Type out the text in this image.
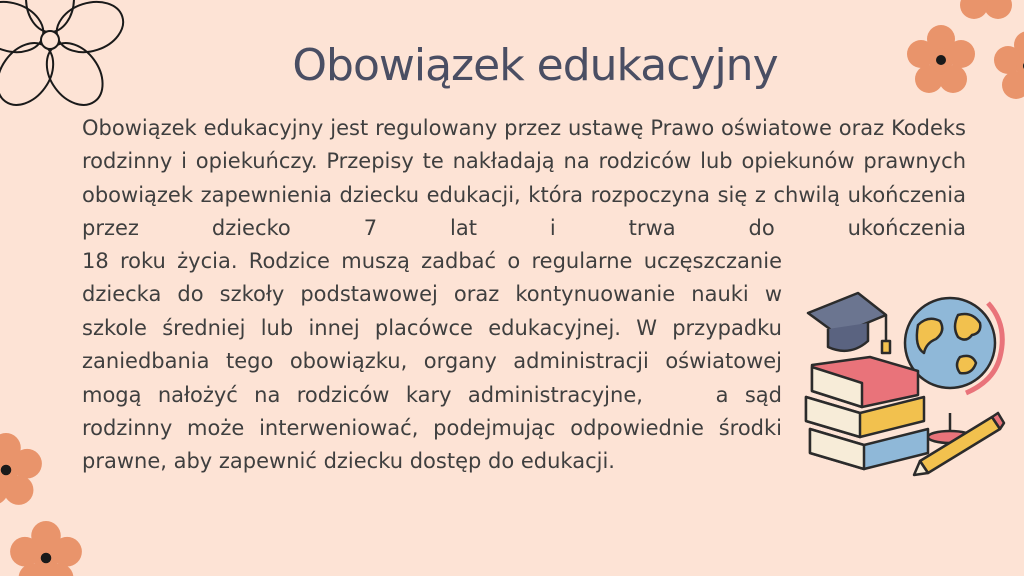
Obowiązek edukacyjny

Obowiązek edukacyjny jest regulowany przez ustawę Prawo oświatowe oraz Kodeks rodzinny i opiekuńczy. Przepisy te nakładają na rodziców lub opiekunów prawnych obowiązek zapewnienia dziecku edukacji, która rozpoczyna się z chwilą ukończenia przez dziecko 7 lat i trwa do ukończenia

18 roku życia. Rodzice muszą zadbać o regularne uczęszczanie dziecka do szkoły podstawowej oraz kontynuowanie nauki w szkole średniej lub innej placówce edukacyjnej. W przypadku zaniedbania tego obowiązku, organy administracji oświatowej mogą nałożyć na rodziców kary administracyjne,	a sąd rodzinny może interweniować, podejmując odpowiednie środki prawne, aby zapewnić dziecku dostęp do edukacji.
